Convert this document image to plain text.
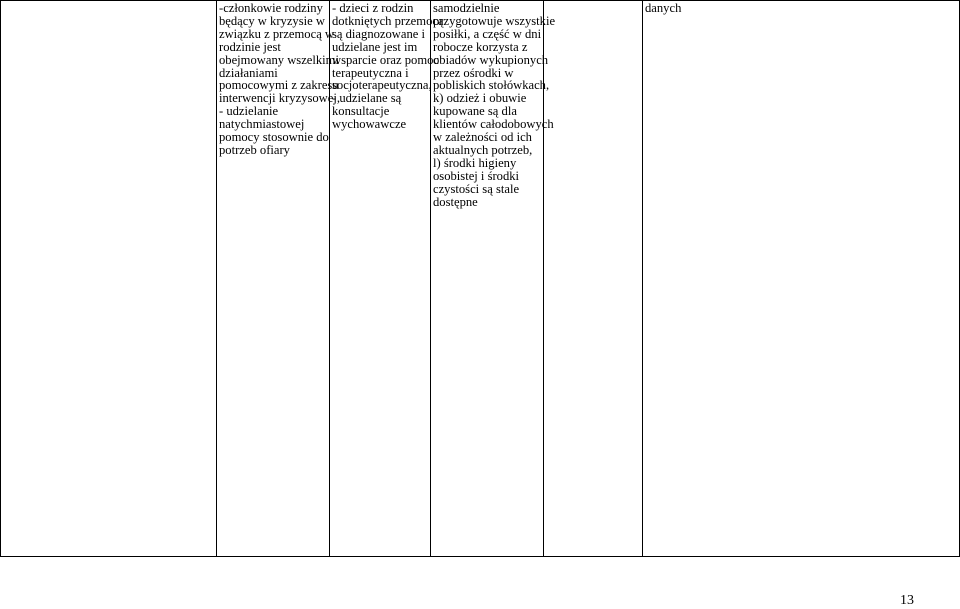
	-członkowie rodziny
będący w kryzysie w
związku z przemocą w
rodzinie jest
obejmowany wszelkimi
działaniami
pomocowymi z zakresu
interwencji kryzysowej,
- udzielanie
natychmiastowej
pomocy stosownie do
potrzeb ofiary	- dzieci z rodzin
dotkniętych przemocą
są diagnozowane i
udzielane jest im
wsparcie oraz pomoc
terapeutyczna i
socjoterapeutyczna,
- udzielane są
konsultacje
wychowawcze	samodzielnie
przygotowuje wszystkie
posiłki, a część w dni
robocze korzysta z
obiadów wykupionych
przez ośrodki w
pobliskich stołówkach,
k) odzież i obuwie
kupowane są dla
klientów całodobowych
w zależności od ich
aktualnych potrzeb,
l) środki higieny
osobistej i środki
czystości są stale
dostępne		danych
13
